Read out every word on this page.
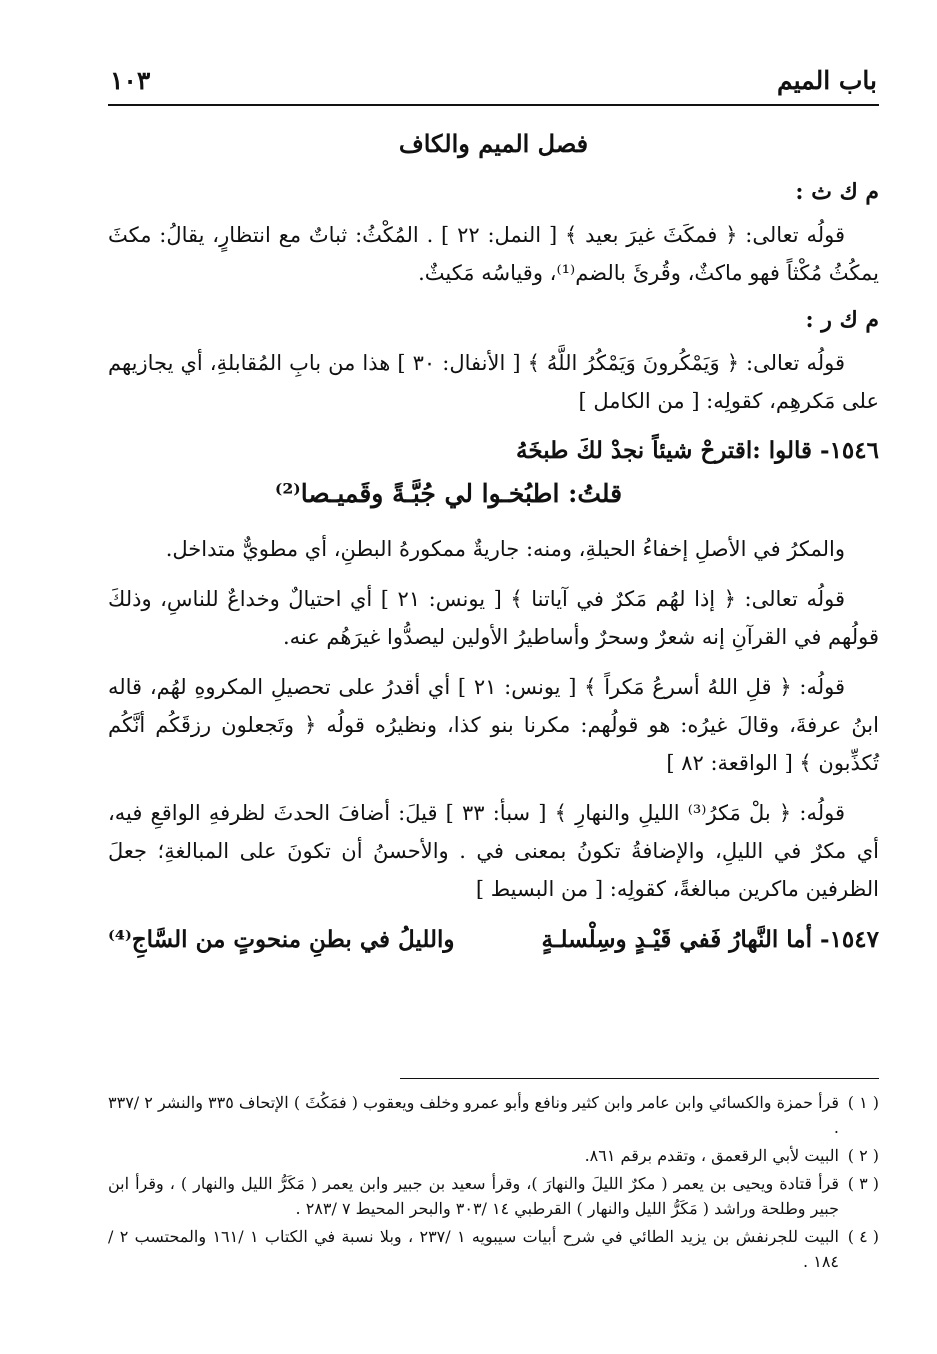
باب الميم
١٠٣
فصل الميم والكاف
م ك ث :

قولُه تعالى: ﴿ فمكَثَ غيرَ بعيد ﴾ [ النمل: ٢٢ ] . المُكْثُ: ثباتٌ مع انتظارٍ، يقالُ: مكثَ يمكُثُ مُكْثاً فهو ماكثٌ، وقُرئَ بالضم⁽¹⁾، وقياسُه مَكيثٌ.

م ك ر :

قولُه تعالى: ﴿ وَيَمْكُرونَ وَيَمْكُرُ اللَّهُ ﴾ [ الأنفال: ٣٠ ] هذا من بابِ المُقابلةِ، أي يجازيهم على مَكرهِم، كقولِه: [ من الكامل ]

١٥٤٦- قالوا :اقترحْ شيئاً نجدْ لكَ طبخَهُ
قلتُ: اطبُخـوا لي جُبَّـةً وقَميـصا⁽²⁾

والمكرُ في الأصلِ إخفاءُ الحيلةِ، ومنه: جاريةٌ ممكورهُ البطنِ، أي مطويٌّ متداخل.

قولُه تعالى: ﴿ إذا لهُم مَكرٌ في آياتنا ﴾ [ يونس: ٢١ ] أي احتيالٌ وخداعٌ للناسِ، وذلكَ قولُهم في القرآنِ إنه شعرٌ وسحرٌ وأساطيرُ الأولين ليصدُّوا غيرَهُم عنه.

قولُه: ﴿ قلِ اللهُ أسرعُ مَكراً ﴾ [ يونس: ٢١ ] أي أقدرُ على تحصيلِ المكروهِ لهُم، قاله ابنُ عرفةَ، وقالَ غيرُه: هو قولُهم: مكرنا بنو كذا، ونظيرُه قولُه ﴿ وتَجعلون رزقَكُم أنَّكُم تُكذِّبون ﴾ [ الواقعة: ٨٢ ]

قولُه: ﴿ بلْ مَكرُ⁽³⁾ الليلِ والنهارِ ﴾ [ سبأ: ٣٣ ] قيلَ: أضافَ الحدثَ لظرفهِ الواقعِ فيه، أي مكرٌ في الليلِ، والإضافةُ تكونُ بمعنى في . والأحسنُ أن تكونَ على المبالغةِ؛ جعلَ الظرفين ماكرين مبالغةً، كقولِه: [ من البسيط ]

١٥٤٧- أما النَّهارُ فَفي قَيْـدٍ وسِلْسلـةٍ
والليلُ في بطنِ منحوتٍ من السَّاجِ⁽⁴⁾
( ١ )
قرأ حمزة والكسائي وابن عامر وابن كثير ونافع وأبو عمرو وخلف ويعقوب ( فمَكُثَ ) الإتحاف ٣٣٥ والنشر ٢ /٣٣٧ .
( ٢ )
البيت لأبي الرقعمق ، وتقدم برقم ٨٦١.
( ٣ )
قرأ قتادة ويحيى بن يعمر ( مكرٌ الليلَ والنهارَ )، وقرأ سعيد بن جبير وابن يعمر ( مَكَرُّ الليل والنهار ) ، وقرأ ابن جبير وطلحة وراشد ( مَكَرُّ الليل والنهار ) القرطبي ١٤ /٣٠٣ والبحر المحيط ٧ /٢٨٣ .
( ٤ )
البيت للجرنفش بن يزيد الطائي في شرح أبيات سيبويه ١ /٢٣٧ ، وبلا نسبة في الكتاب ١ /١٦١ والمحتسب ٢ /١٨٤ .
